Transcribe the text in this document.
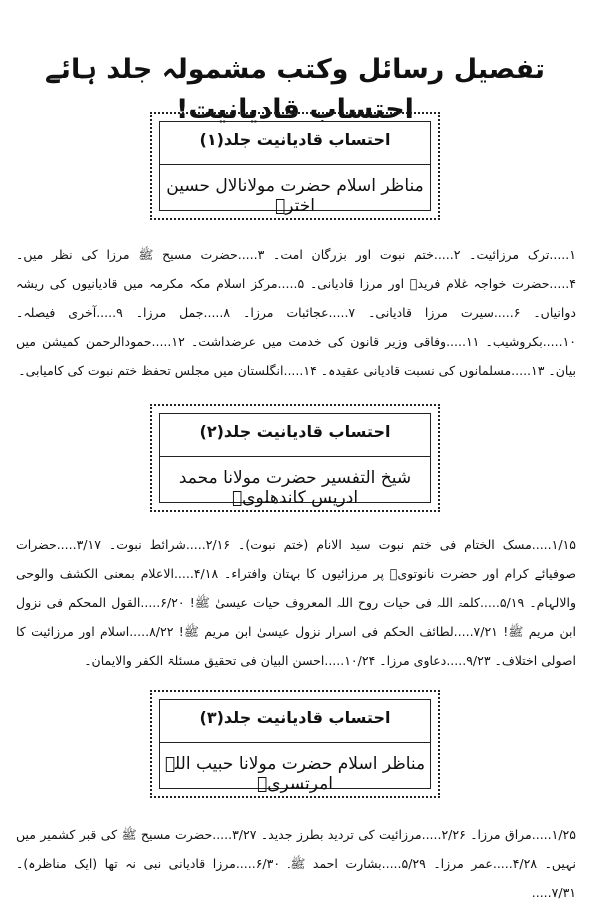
تفصیل رسائل وکتب مشمولہ جلد ہائے احتساب قادیانیت!
احتساب قادیانیت جلد(۱)
مناظر اسلام حضرت مولانالال حسین اخترؒ

۱.....ترک مرزائیت۔ ۲.....ختم نبوت اور بزرگان امت۔ ۳.....حضرت مسیح ﷺ مرزا کی نظر میں۔ ۴.....حضرت خواجہ غلام فریدؒ اور مرزا قادیانی۔ ۵.....مرکز اسلام مکہ مکرمہ میں قادیانیوں کی ریشہ دوانیاں۔ ۶.....سیرت مرزا قادیانی۔ ۷.....عجائبات مرزا۔ ۸.....جمل مرزا۔ ۹.....آخری فیصلہ۔ ۱۰.....بکروشیب۔ ۱۱.....وفاقی وزیر قانون کی خدمت میں عرضداشت۔ ۱۲.....حمودالرحمن کمیشن میں بیان۔ ۱۳.....مسلمانوں کی نسبت قادیانی عقیدہ۔ ۱۴.....انگلستان میں مجلس تحفظ ختم نبوت کی کامیابی۔

احتساب قادیانیت جلد(۲)
شیخ التفسیر حضرت مولانا محمد ادریس کاندھلویؒ

۱/۱۵.....مسک الختام فی ختم نبوت سید الانام (ختم نبوت)۔ ۲/۱۶.....شرائط نبوت۔ ۳/۱۷.....حضرات صوفیائے کرام اور حضرت نانوتویؒ پر مرزائیوں کا بہتان وافتراء۔ ۴/۱۸.....الاعلام بمعنی الکشف والوحی والالہام۔ ۵/۱۹.....کلمۃ اللہ فی حیات روح اللہ المعروف حیات عیسیٰ ﷺ! ۶/۲۰.....القول المحکم فی نزول ابن مریم ﷺ! ۷/۲۱.....لطائف الحکم فی اسرار نزول عیسیٰ ابن مریم ﷺ! ۸/۲۲.....اسلام اور مرزائیت کا اصولی اختلاف۔ ۹/۲۳.....دعاوی مرزا۔ ۱۰/۲۴.....احسن البیان فی تحقیق مسئلۃ الکفر والایمان۔

احتساب قادیانیت جلد(۳)
مناظر اسلام حضرت مولانا حبیب اللہ امرتسریؒ

۱/۲۵.....مراق مرزا۔ ۲/۲۶.....مرزائیت کی تردید بطرز جدید۔ ۳/۲۷.....حضرت مسیح ﷺ کی قبر کشمیر میں نہیں۔ ۴/۲۸.....عمر مرزا۔ ۵/۲۹.....بشارت احمد ﷺ۔ ۶/۳۰.....مرزا قادیانی نبی نہ تھا (ایک مناظرہ)۔ ۷/۳۱.....
